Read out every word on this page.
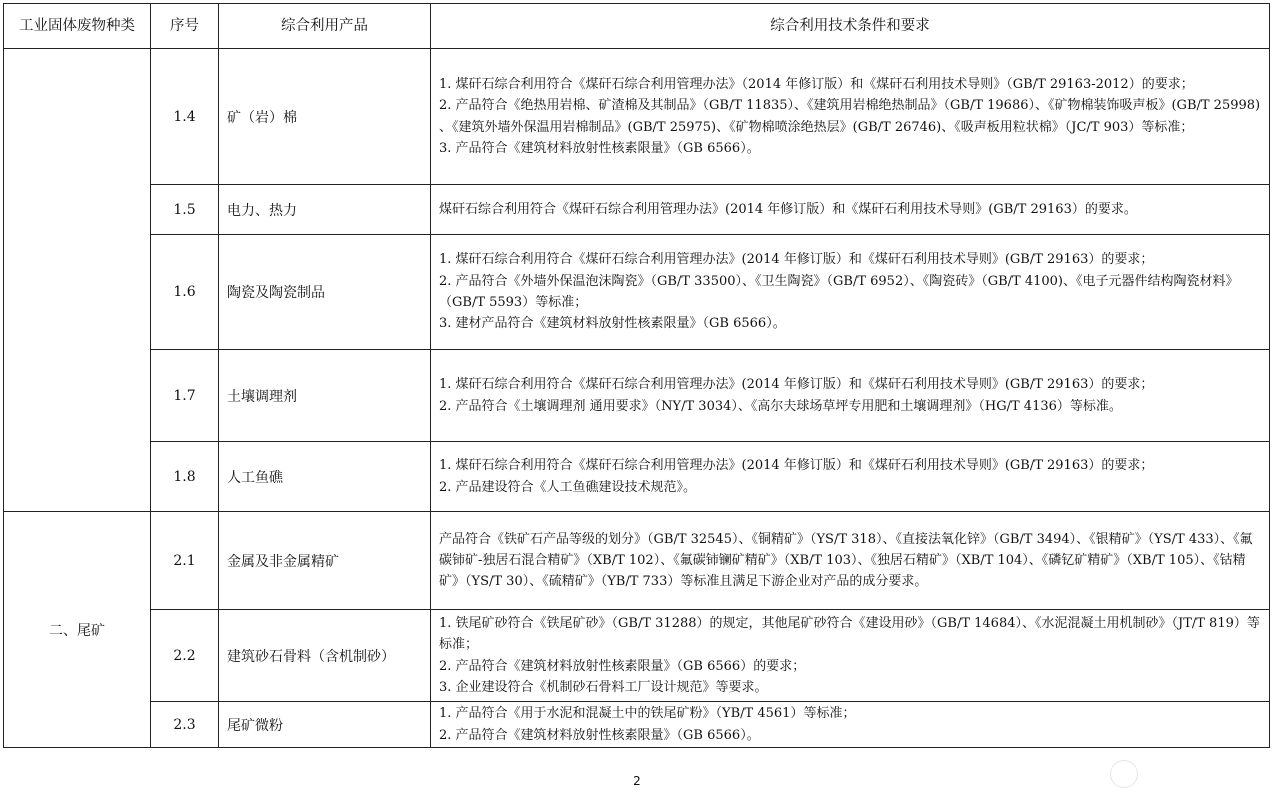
工业固体废物种类	序号	综合利用产品	综合利用技术条件和要求
	1.4	矿（岩）棉	1. 煤矸石综合利用符合《煤矸石综合利用管理办法》（2014 年修订版）和《煤矸石利用技术导则》（GB/T 29163-2012）的要求；
2. 产品符合《绝热用岩棉、矿渣棉及其制品》（GB/T 11835）、《建筑用岩棉绝热制品》（GB/T 19686）、《矿物棉装饰吸声板》(GB/T 25998) 、《建筑外墙外保温用岩棉制品》(GB/T 25975)、《矿物棉喷涂绝热层》(GB/T 26746)、《吸声板用粒状棉》（JC/T 903）等标准；
3. 产品符合《建筑材料放射性核素限量》（GB 6566）。

	1.5	电力、热力	煤矸石综合利用符合《煤矸石综合利用管理办法》(2014 年修订版）和《煤矸石利用技术导则》(GB/T 29163）的要求。

	1.6	陶瓷及陶瓷制品	1. 煤矸石综合利用符合《煤矸石综合利用管理办法》(2014 年修订版）和《煤矸石利用技术导则》(GB/T 29163）的要求；
2. 产品符合《外墙外保温泡沫陶瓷》（GB/T 33500）、《卫生陶瓷》（GB/T 6952）、《陶瓷砖》（GB/T 4100)、《电子元器件结构陶瓷材料》（GB/T 5593）等标准；
3. 建材产品符合《建筑材料放射性核素限量》（GB 6566）。

	1.7	土壤调理剂	1. 煤矸石综合利用符合《煤矸石综合利用管理办法》(2014 年修订版）和《煤矸石利用技术导则》(GB/T 29163）的要求；
2. 产品符合《土壤调理剂 通用要求》（NY/T 3034）、《高尔夫球场草坪专用肥和土壤调理剂》（HG/T 4136）等标准。

	1.8	人工鱼礁	1. 煤矸石综合利用符合《煤矸石综合利用管理办法》(2014 年修订版）和《煤矸石利用技术导则》(GB/T 29163）的要求；
2. 产品建设符合《人工鱼礁建设技术规范》。

二、尾矿	2.1	金属及非金属精矿	产品符合《铁矿石产品等级的划分》（GB/T 32545）、《铜精矿》（YS/T 318）、《直接法氧化锌》（GB/T 3494）、《银精矿》（YS/T 433）、《氟碳铈矿-独居石混合精矿》（XB/T 102）、《氟碳铈镧矿精矿》（XB/T 103）、《独居石精矿》（XB/T 104）、《磷钇矿精矿》（XB/T 105）、《钴精矿》（YS/T 30）、《硫精矿》（YB/T 733）等标准且满足下游企业对产品的成分要求。

	2.2	建筑砂石骨料（含机制砂）	1. 铁尾矿砂符合《铁尾矿砂》（GB/T 31288）的规定，其他尾矿砂符合《建设用砂》（GB/T 14684）、《水泥混凝土用机制砂》（JT/T 819）等标准；
2. 产品符合《建筑材料放射性核素限量》（GB 6566）的要求；
3. 企业建设符合《机制砂石骨料工厂设计规范》等要求。

	2.3	尾矿微粉	1. 产品符合《用于水泥和混凝土中的铁尾矿粉》（YB/T 4561）等标准；
2. 产品符合《建筑材料放射性核素限量》（GB 6566）。
2
